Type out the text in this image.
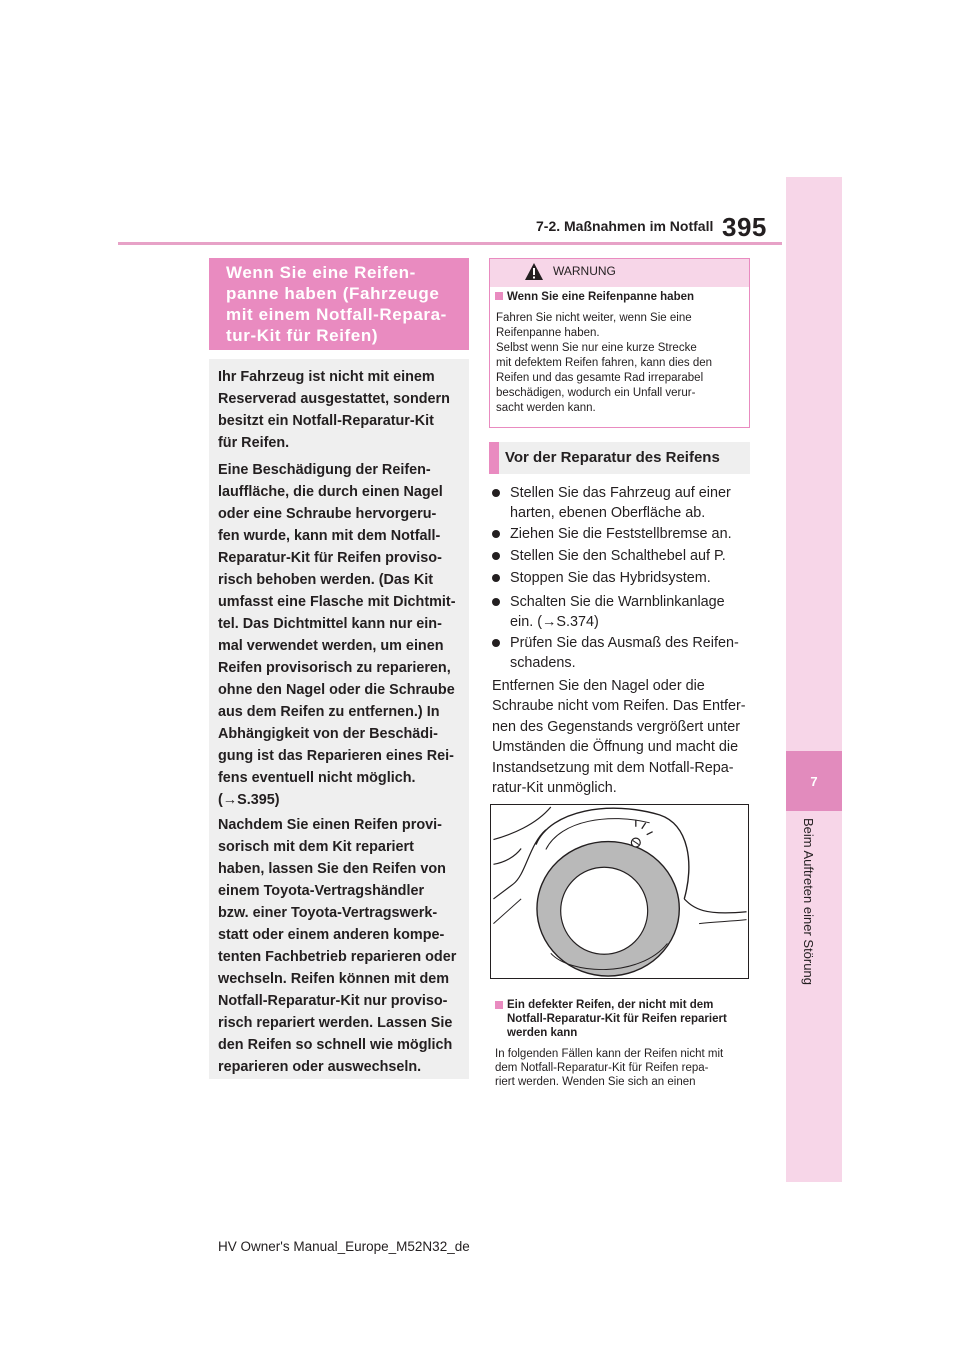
7-2. Maßnahmen im Notfall 395
7
Beim Auftreten einer Störung
Wenn Sie eine Reifen-
panne haben (Fahrzeuge
mit einem Notfall-Repara-
tur-Kit für Reifen)
Ihr Fahrzeug ist nicht mit einem
Reserverad ausgestattet, sondern
besitzt ein Notfall-Reparatur-Kit
für Reifen.
Eine Beschädigung der Reifen-
lauffläche, die durch einen Nagel
oder eine Schraube hervorgeru-
fen wurde, kann mit dem Notfall-
Reparatur-Kit für Reifen proviso-
risch behoben werden. (Das Kit
umfasst eine Flasche mit Dichtmit-
tel. Das Dichtmittel kann nur ein-
mal verwendet werden, um einen
Reifen provisorisch zu reparieren,
ohne den Nagel oder die Schraube
aus dem Reifen zu entfernen.) In
Abhängigkeit von der Beschädi-
gung ist das Reparieren eines Rei-
fens eventuell nicht möglich.
(→S.395)
Nachdem Sie einen Reifen provi-
sorisch mit dem Kit repariert
haben, lassen Sie den Reifen von
einem Toyota-Vertragshändler
bzw. einer Toyota-Vertragswerk-
statt oder einem anderen kompe-
tenten Fachbetrieb reparieren oder
wechseln. Reifen können mit dem
Notfall-Reparatur-Kit nur proviso-
risch repariert werden. Lassen Sie
den Reifen so schnell wie möglich
reparieren oder auswechseln.
WARNUNG
Wenn Sie eine Reifenpanne haben
Fahren Sie nicht weiter, wenn Sie eine
Reifenpanne haben.
Selbst wenn Sie nur eine kurze Strecke
mit defektem Reifen fahren, kann dies den
Reifen und das gesamte Rad irreparabel
beschädigen, wodurch ein Unfall verur-
sacht werden kann.
Vor der Reparatur des Reifens
Stellen Sie das Fahrzeug auf einer
harten, ebenen Oberfläche ab.
Ziehen Sie die Feststellbremse an.
Stellen Sie den Schalthebel auf P.
Stoppen Sie das Hybridsystem.
Schalten Sie die Warnblinkanlage
ein. (→S.374)
Prüfen Sie das Ausmaß des Reifen-
schadens.
Entfernen Sie den Nagel oder die
Schraube nicht vom Reifen. Das Entfer-
nen des Gegenstands vergrößert unter
Umständen die Öffnung und macht die
Instandsetzung mit dem Notfall-Repa-
ratur-Kit unmöglich.
Ein defekter Reifen, der nicht mit dem
Notfall-Reparatur-Kit für Reifen repariert
werden kann
In folgenden Fällen kann der Reifen nicht mit
dem Notfall-Reparatur-Kit für Reifen repa-
riert werden. Wenden Sie sich an einen
HV Owner's Manual_Europe_M52N32_de
